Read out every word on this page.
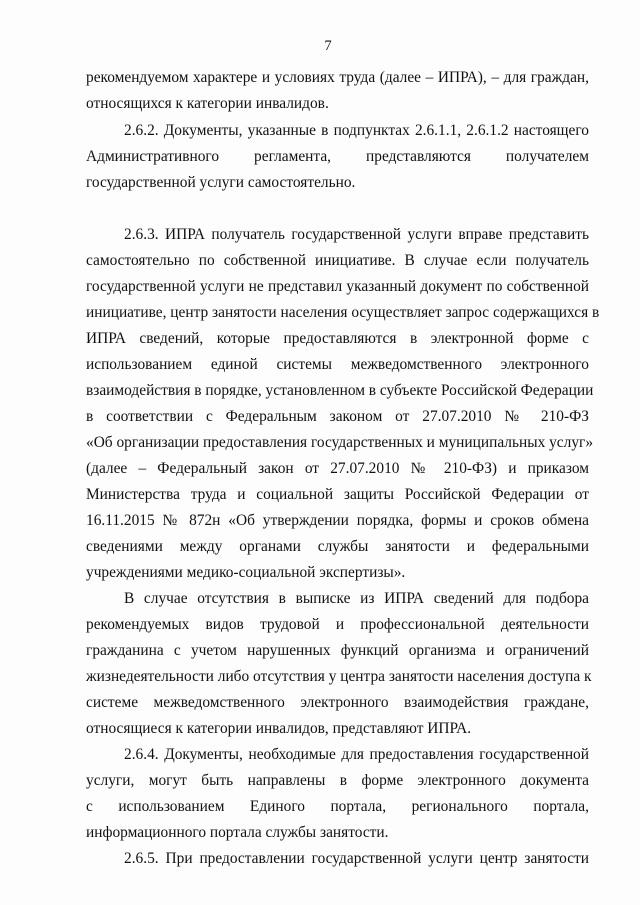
7
рекомендуемом характере и условиях труда (далее – ИПРА), – для граждан,
относящихся к категории инвалидов.
2.6.2. Документы, указанные в подпунктах 2.6.1.1, 2.6.1.2 настоящего
Административного регламента, представляются получателем
государственной услуги самостоятельно.
2.6.3. ИПРА получатель государственной услуги вправе представить
самостоятельно по собственной инициативе. В случае если получатель
государственной услуги не представил указанный документ по собственной
инициативе, центр занятости населения осуществляет запрос содержащихся в
ИПРА сведений, которые предоставляются в электронной форме с
использованием единой системы межведомственного электронного
взаимодействия в порядке, установленном в субъекте Российской Федерации
в соответствии с Федеральным законом от 27.07.2010 № 210-ФЗ
«Об организации предоставления государственных и муниципальных услуг»
(далее – Федеральный закон от 27.07.2010 № 210-ФЗ) и приказом
Министерства труда и социальной защиты Российской Федерации от
16.11.2015 № 872н «Об утверждении порядка, формы и сроков обмена
сведениями между органами службы занятости и федеральными
учреждениями медико-социальной экспертизы».
В случае отсутствия в выписке из ИПРА сведений для подбора
рекомендуемых видов трудовой и профессиональной деятельности
гражданина с учетом нарушенных функций организма и ограничений
жизнедеятельности либо отсутствия у центра занятости населения доступа к
системе межведомственного электронного взаимодействия граждане,
относящиеся к категории инвалидов, представляют ИПРА.
2.6.4. Документы, необходимые для предоставления государственной
услуги, могут быть направлены в форме электронного документа
с использованием Единого портала, регионального портала,
информационного портала службы занятости.
2.6.5. При предоставлении государственной услуги центр занятости
